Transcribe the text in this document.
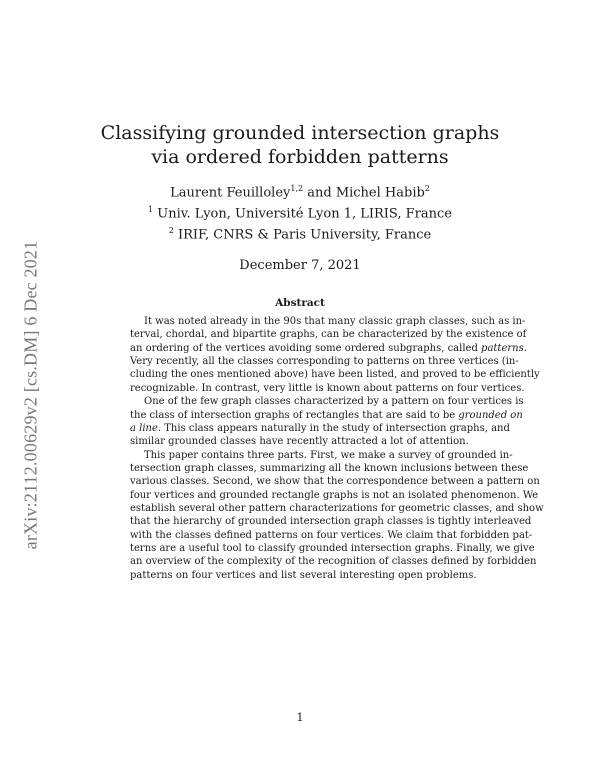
arXiv:2112.00629v2 [cs.DM] 6 Dec 2021
Classifying grounded intersection graphs
via ordered forbidden patterns
Laurent Feuilloley$^{1,2}$ and Michel Habib$^2$
$^1$ Univ. Lyon, Université Lyon 1, LIRIS, France
$^2$ IRIF, CNRS & Paris University, France
December 7, 2021
Abstract
It was noted already in the 90s that many classic graph classes, such as in-
terval, chordal, and bipartite graphs, can be characterized by the existence of
an ordering of the vertices avoiding some ordered subgraphs, called patterns.
Very recently, all the classes corresponding to patterns on three vertices (in-
cluding the ones mentioned above) have been listed, and proved to be efficiently
recognizable. In contrast, very little is known about patterns on four vertices.
One of the few graph classes characterized by a pattern on four vertices is
the class of intersection graphs of rectangles that are said to be grounded on
a line. This class appears naturally in the study of intersection graphs, and
similar grounded classes have recently attracted a lot of attention.
This paper contains three parts. First, we make a survey of grounded in-
tersection graph classes, summarizing all the known inclusions between these
various classes. Second, we show that the correspondence between a pattern on
four vertices and grounded rectangle graphs is not an isolated phenomenon. We
establish several other pattern characterizations for geometric classes, and show
that the hierarchy of grounded intersection graph classes is tightly interleaved
with the classes defined patterns on four vertices. We claim that forbidden pat-
terns are a useful tool to classify grounded intersection graphs. Finally, we give
an overview of the complexity of the recognition of classes defined by forbidden
patterns on four vertices and list several interesting open problems.
1
